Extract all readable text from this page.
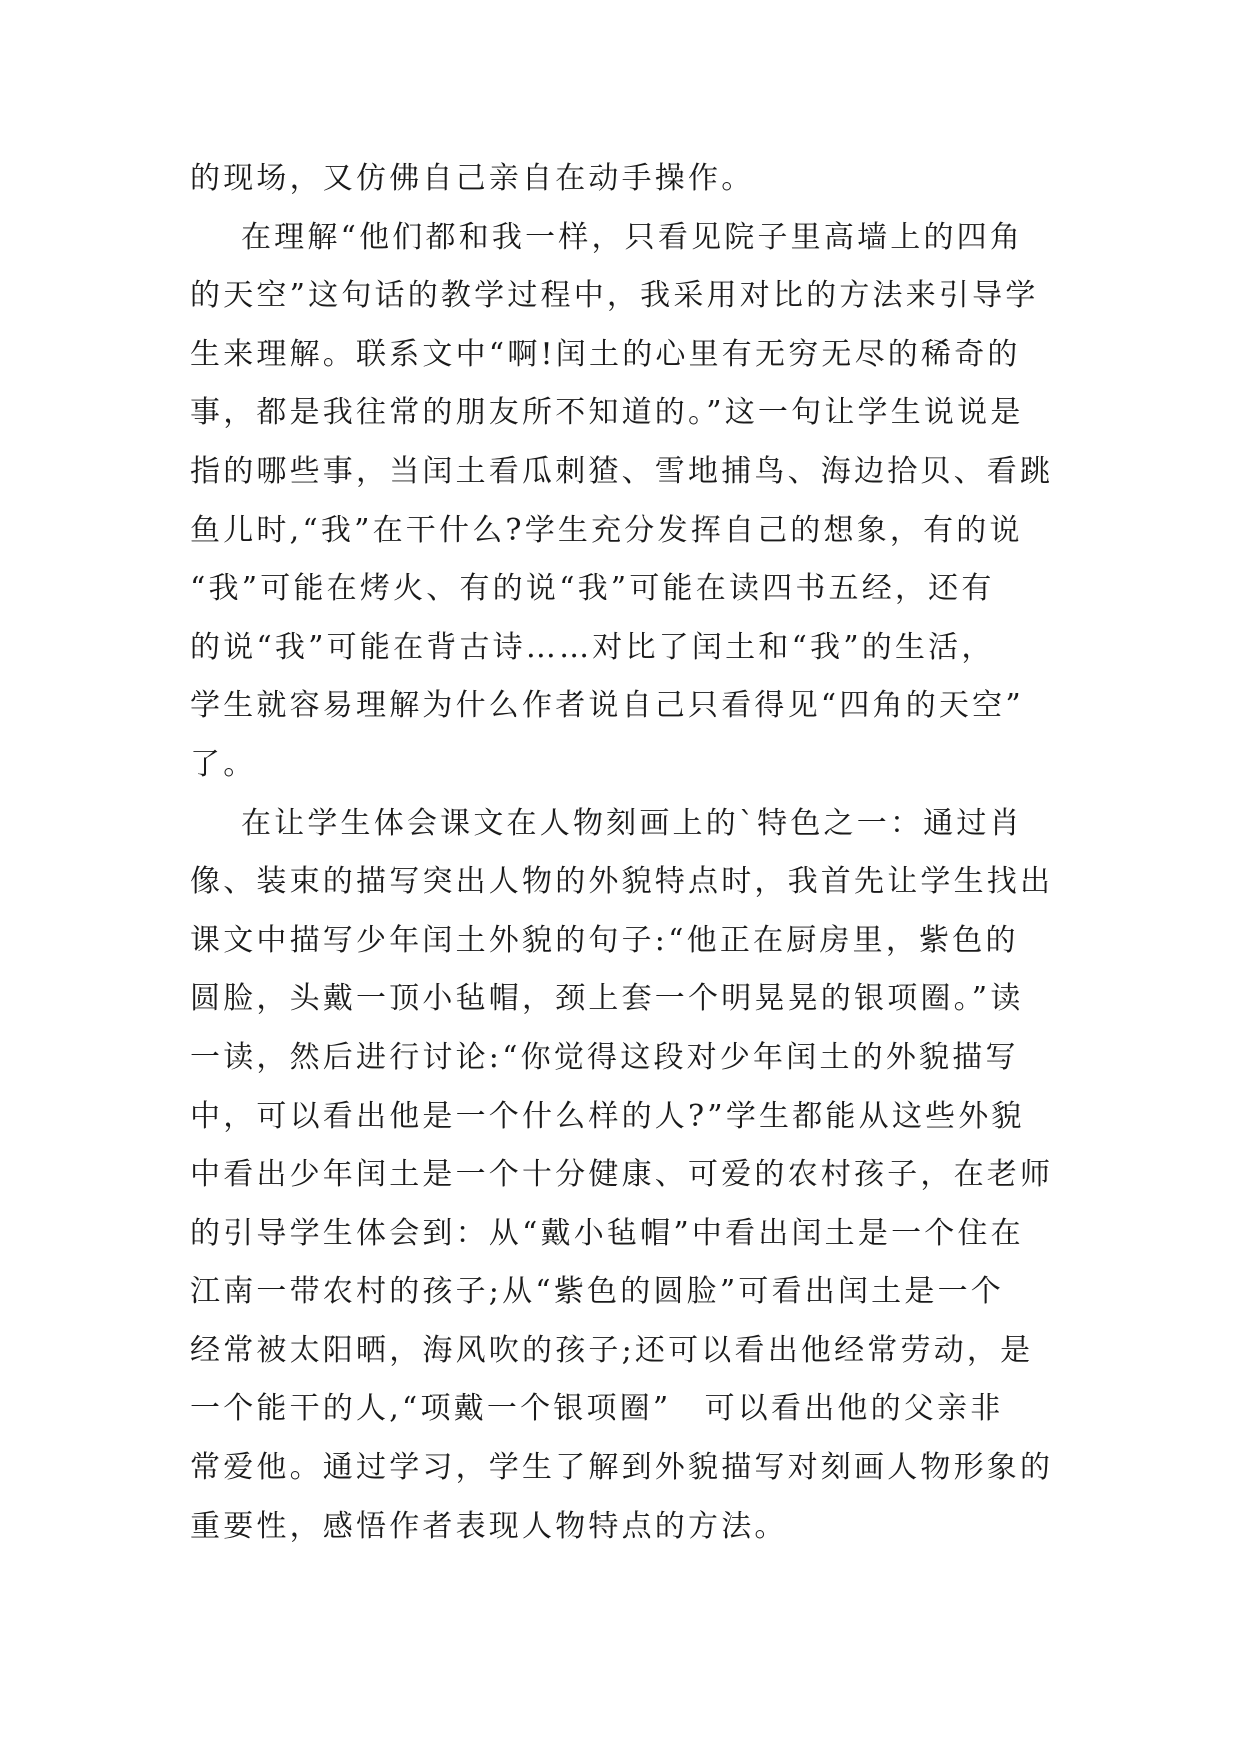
的现场，又仿佛自己亲自在动手操作。
在理解“他们都和我一样，只看见院子里高墙上的四角
的天空”这句话的教学过程中，我采用对比的方法来引导学
生来理解。联系文中“啊!闰土的心里有无穷无尽的稀奇的
事，都是我往常的朋友所不知道的。”这一句让学生说说是
指的哪些事，当闰土看瓜刺猹、雪地捕鸟、海边拾贝、看跳
鱼儿时,“我”在干什么?学生充分发挥自己的想象，有的说
“我”可能在烤火、有的说“我”可能在读四书五经，还有
的说“我”可能在背古诗……对比了闰土和“我”的生活，
学生就容易理解为什么作者说自己只看得见“四角的天空”
了。
在让学生体会课文在人物刻画上的`特色之一：通过肖
像、装束的描写突出人物的外貌特点时，我首先让学生找出
课文中描写少年闰土外貌的句子:“他正在厨房里，紫色的
圆脸，头戴一顶小毡帽，颈上套一个明晃晃的银项圈。”读
一读，然后进行讨论:“你觉得这段对少年闰土的外貌描写
中，可以看出他是一个什么样的人?”学生都能从这些外貌
中看出少年闰土是一个十分健康、可爱的农村孩子，在老师
的引导学生体会到：从“戴小毡帽”中看出闰土是一个住在
江南一带农村的孩子;从“紫色的圆脸”可看出闰土是一个
经常被太阳晒，海风吹的孩子;还可以看出他经常劳动，是
一个能干的人,“项戴一个银项圈”　可以看出他的父亲非
常爱他。通过学习，学生了解到外貌描写对刻画人物形象的
重要性，感悟作者表现人物特点的方法。
